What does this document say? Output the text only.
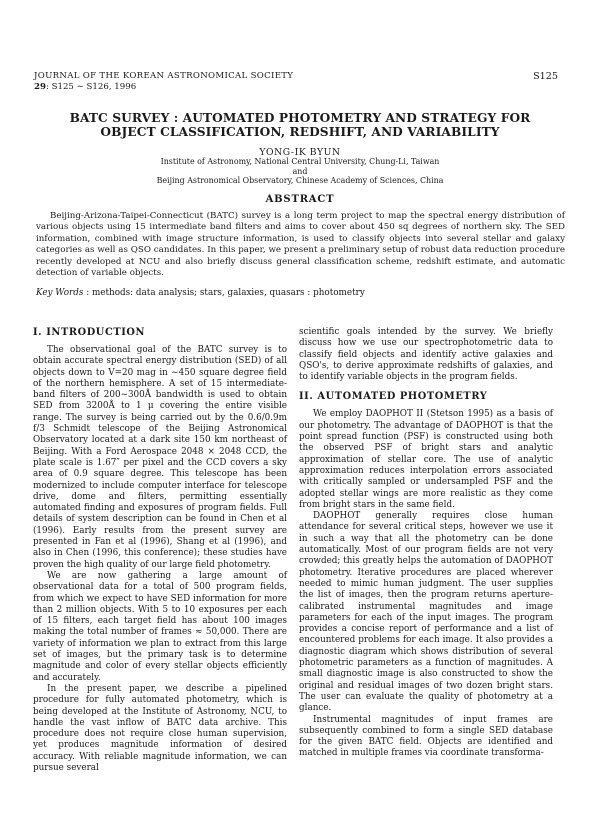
JOURNAL OF THE KOREAN ASTRONOMICAL SOCIETY
29: S125 ∼ S126, 1996
S125
BATC SURVEY : AUTOMATED PHOTOMETRY AND STRATEGY FOR OBJECT CLASSIFICATION, REDSHIFT, AND VARIABILITY
YONG-IK BYUN
Institute of Astronomy, National Central University, Chung-Li, Taiwan
and
Beijing Astronomical Observatory, Chinese Academy of Sciences, China
ABSTRACT

Beijing-Arizona-Taipei-Connecticut (BATC) survey is a long term project to map the spectral energy distribution of various objects using 15 intermediate band filters and aims to cover about 450 sq degrees of northern sky. The SED information, combined with image structure information, is used to classify objects into several stellar and galaxy categories as well as QSO candidates. In this paper, we present a preliminary setup of robust data reduction procedure recently developed at NCU and also briefly discuss general classification scheme, redshift estimate, and automatic detection of variable objects.

Key Words : methods: data analysis; stars, galaxies, quasars : photometry
I. INTRODUCTION

The observational goal of the BATC survey is to obtain accurate spectral energy distribution (SED) of all objects down to V=20 mag in ∼450 square degree field of the northern hemisphere. A set of 15 intermediate-band filters of 200∼300Å bandwidth is used to obtain SED from 3200Å to 1 μ covering the entire visible range. The survey is being carried out by the 0.6/0.9m f/3 Schmidt telescope of the Beijing Astronomical Observatory located at a dark site 150 km northeast of Beijing. With a Ford Aerospace 2048 × 2048 CCD, the plate scale is 1.67″ per pixel and the CCD covers a sky area of 0.9 square degree. This telescope has been modernized to include computer interface for telescope drive, dome and filters, permitting essentially automated finding and exposures of program fields. Full details of system description can be found in Chen et al (1996). Early results from the present survey are presented in Fan et al (1996), Shang et al (1996), and also in Chen (1996, this conference); these studies have proven the high quality of our large field photometry.

We are now gathering a large amount of observational data for a total of 500 program fields, from which we expect to have SED information for more than 2 million objects. With 5 to 10 exposures per each of 15 filters, each target field has about 100 images making the total number of frames ≈ 50,000. There are variety of information we plan to extract from this large set of images, but the primary task is to determine magnitude and color of every stellar objects efficiently and accurately.

In the present paper, we describe a pipelined procedure for fully automated photometry, which is being developed at the Institute of Astronomy, NCU, to handle the vast inflow of BATC data archive. This procedure does not require close human supervision, yet produces magnitude information of desired accuracy. With reliable magnitude information, we can pursue several

scientific goals intended by the survey. We briefly discuss how we use our spectrophotometric data to classify field objects and identify active galaxies and QSO's, to derive approximate redshifts of galaxies, and to identify variable objects in the program fields.

II. AUTOMATED PHOTOMETRY

We employ DAOPHOT II (Stetson 1995) as a basis of our photometry. The advantage of DAOPHOT is that the point spread function (PSF) is constructed using both the observed PSF of bright stars and analytic approximation of stellar core. The use of analytic approximation reduces interpolation errors associated with critically sampled or undersampled PSF and the adopted stellar wings are more realistic as they come from bright stars in the same field.

DAOPHOT generally requires close human attendance for several critical steps, however we use it in such a way that all the photometry can be done automatically. Most of our program fields are not very crowded; this greatly helps the automation of DAOPHOT photometry. Iterative procedures are placed wherever needed to mimic human judgment. The user supplies the list of images, then the program returns aperture-calibrated instrumental magnitudes and image parameters for each of the input images. The program provides a concise report of performance and a list of encountered problems for each image. It also provides a diagnostic diagram which shows distribution of several photometric parameters as a function of magnitudes. A small diagnostic image is also constructed to show the original and residual images of two dozen bright stars. The user can evaluate the quality of photometry at a glance.

Instrumental magnitudes of input frames are subsequently combined to form a single SED database for the given BATC field. Objects are identified and matched in multiple frames via coordinate transforma-
